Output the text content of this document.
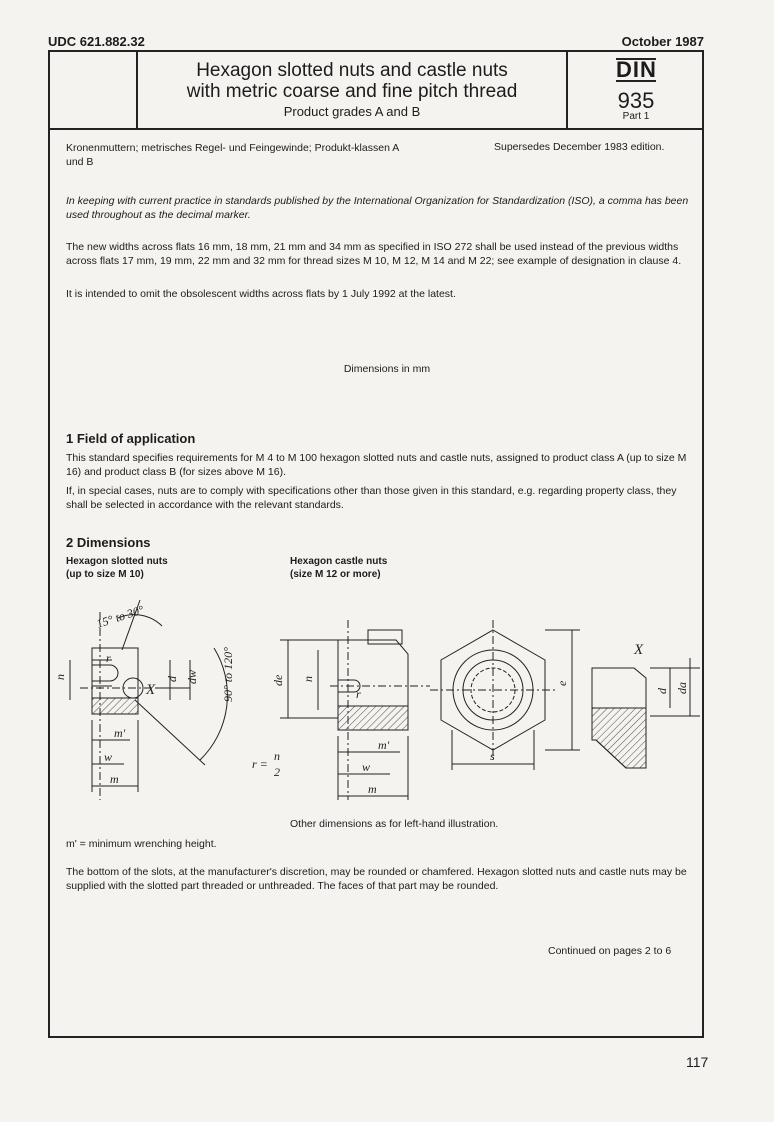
UDC 621.882.32	October 1987
Hexagon slotted nuts and castle nuts
with metric coarse and fine pitch thread
Product grades A and B
DIN
935
Part 1
Kronenmuttern; metrisches Regel- und Feingewinde; Produkt-klassen A und B
Supersedes December 1983 edition.
In keeping with current practice in standards published by the International Organization for Standardization (ISO), a comma has been used throughout as the decimal marker.
The new widths across flats 16 mm, 18 mm, 21 mm and 34 mm as specified in ISO 272 shall be used instead of the previous widths across flats 17 mm, 19 mm, 22 mm and 32 mm for thread sizes M 10, M 12, M 14 and M 22; see example of designation in clause 4.
It is intended to omit the obsolescent widths across flats by 1 July 1992 at the latest.
Dimensions in mm
1 Field of application
This standard specifies requirements for M 4 to M 100 hexagon slotted nuts and castle nuts, assigned to product class A (up to size M 16) and product class B (for sizes above M 16).
If, in special cases, nuts are to comply with specifications other than those given in this standard, e.g. regarding property class, they shall be selected in accordance with the relevant standards.
2 Dimensions
Hexagon slotted nuts
(up to size M 10)
Hexagon castle nuts
(size M 12 or more)
15° to 30°
90° to 120°
n
r
d dw
X
m'
w
m
de n
r
m'
w
m
r =
n
2
e
s
X
d da
Other dimensions as for left-hand illustration.
m' = minimum wrenching height.
The bottom of the slots, at the manufacturer's discretion, may be rounded or chamfered. Hexagon slotted nuts and castle nuts may be supplied with the slotted part threaded or unthreaded. The faces of that part may be rounded.
Continued on pages 2 to 6
117
